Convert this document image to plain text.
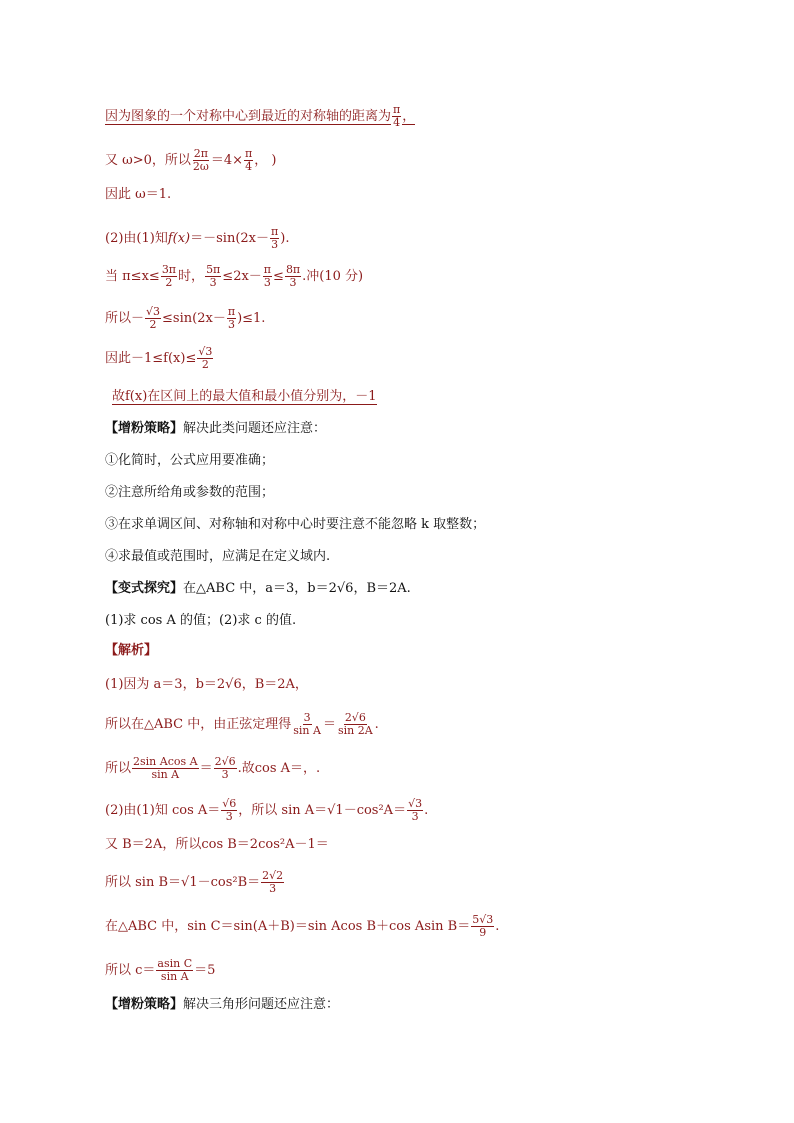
因为图象的一个对称中心到最近的对称轴的距离为 $\frac{\pi}{4}$ ，
又 ω>0，所以 $\frac{2\pi}{2\omega} =4\times \frac{\pi}{4}$ ， )
因此 ω＝1.
(2)由(1)知$f(x)=-\sin(2x- \frac{\pi}{3}$ ).
当 $\pi\le x\le \frac{3\pi}{2}$ 时， $\frac{5\pi}{3} \le 2x- \frac{\pi}{3} \le \frac{8\pi}{3}$ .冲(10 分)
所以－ $\frac{√3}{2} \le\sin(2x- \frac{\pi}{3} )\le 1$.
因此$-1\le f(x)\le \frac{√3}{2}$
故f(x)在区间上的最大值和最小值分别为，－1
【增粉策略】解决此类问题还应注意：
①化简时，公式应用要准确；
②注意所给角或参数的范围；
③在求单调区间、对称轴和对称中心时要注意不能忽略 k 取整数；
④求最值或范围时，应满足在定义域内.
【变式探究】在△ABC 中，a＝3，b＝2√6，B＝2A.
(1)求 cos A 的值；(2)求 c 的值.
【解析】
(1)因为 a＝3，b＝2√6，B＝2A，
所以在△ABC 中，由正弦定理得 $\frac{3}{\text{sin A}} = \frac{2√6}{\sin 2A}$ .
所以 $\frac{\text{2sin Acos A}}{\text{sin A}} = \frac{2√6}{3}$ .故cos A＝，.
(2)由(1)知 $\cos A= \frac{√6}{3}$ ，所以 $\sin A=√1-\cos^2A= \frac{√3}{3}$ .
又 B＝2A，所以cos B＝2cos²A－1＝
所以 $\sin B=√1-\cos^2B= \frac{2√2}{3}$
在△ABC 中，sin C＝sin(A＋B)＝sin Acos B＋cos Asin $B= \frac{5√3}{9}$ .
所以 $c= \frac{\text{asin C}}{\text{sin A}} =5$
【增粉策略】解决三角形问题还应注意：
